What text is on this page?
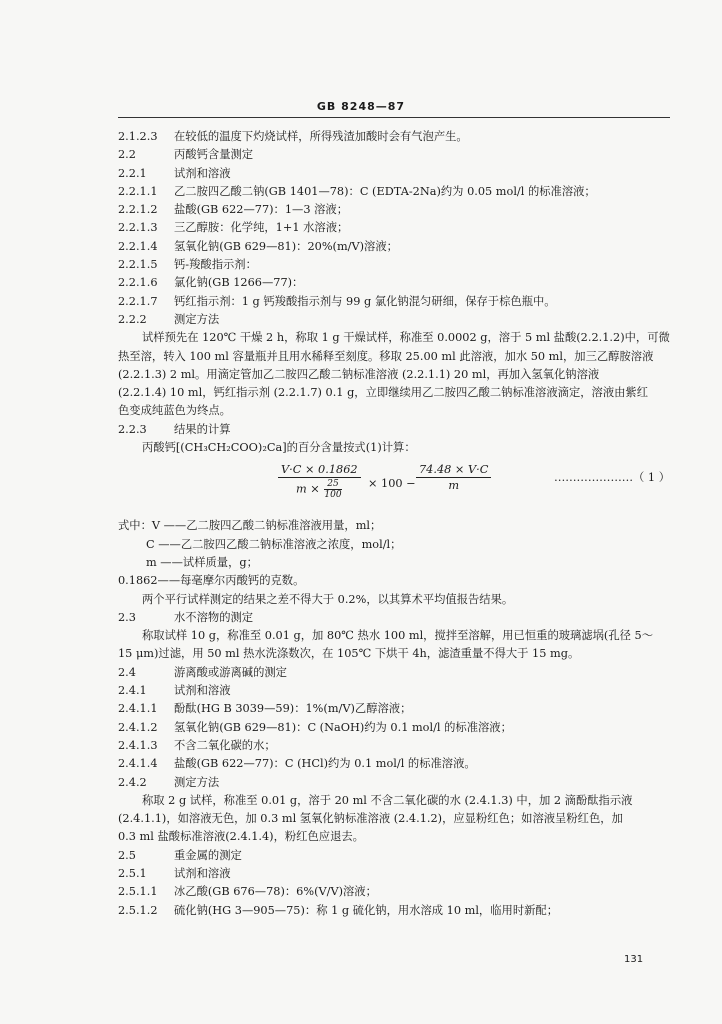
GB 8248—87
2.1.2.3 在较低的温度下灼烧试样，所得残渣加酸时会有气泡产生。
2.2	丙酸钙含量测定
2.2.1 试剂和溶液
2.2.1.1 乙二胺四乙酸二钠(GB 1401—78)：C (EDTA-2Na)约为 0.05 mol/l 的标准溶液；
2.2.1.2 盐酸(GB 622—77)：1—3 溶液；
2.2.1.3 三乙醇胺：化学纯，1+1 水溶液；
2.2.1.4 氢氧化钠(GB 629—81)：20%(m/V)溶液；
2.2.1.5 钙-羧酸指示剂：
2.2.1.6 氯化钠(GB 1266—77)：
2.2.1.7 钙红指示剂：1 g 钙羧酸指示剂与 99 g 氯化钠混匀研细，保存于棕色瓶中。
2.2.2 测定方法
试样预先在 120℃ 干燥 2 h，称取 1 g 干燥试样，称准至 0.0002 g，溶于 5 ml 盐酸(2.2.1.2)中，可微
热至溶，转入 100 ml 容量瓶并且用水稀释至刻度。移取 25.00 ml 此溶液，加水 50 ml，加三乙醇胺溶液
(2.2.1.3) 2 ml。用滴定管加乙二胺四乙酸二钠标准溶液 (2.2.1.1) 20 ml，再加入氢氧化钠溶液
(2.2.1.4) 10 ml，钙红指示剂 (2.2.1.7) 0.1 g，立即继续用乙二胺四乙酸二钠标准溶液滴定，溶液由紫红
色变成纯蓝色为终点。
2.2.3 结果的计算
丙酸钙[(CH₃CH₂COO)₂Ca]的百分含量按式(1)计算：
$\frac{V\cdot C \times 0.1862}{m \times \frac{25}{100}} \times 100 - \frac{74.48 \times V\cdot C}{m}$	…………………（ 1 ）
式中：V ——乙二胺四乙酸二钠标准溶液用量，ml；
C ——乙二胺四乙酸二钠标准溶液之浓度，mol/l；
m ——试样质量，g；
0.1862——每毫摩尔丙酸钙的克数。
两个平行试样测定的结果之差不得大于 0.2%，以其算术平均值报告结果。
2.3	水不溶物的测定
称取试样 10 g，称准至 0.01 g，加 80℃ 热水 100 ml，搅拌至溶解，用已恒重的玻璃滤埚(孔径 5～
15 μm)过滤，用 50 ml 热水洗涤数次，在 105℃ 下烘干 4h，滤渣重量不得大于 15 mg。
2.4	游离酸或游离碱的测定
2.4.1 试剂和溶液
2.4.1.1 酚酞(HG B 3039—59)：1%(m/V)乙醇溶液；
2.4.1.2 氢氧化钠(GB 629—81)：C (NaOH)约为 0.1 mol/l 的标准溶液；
2.4.1.3 不含二氧化碳的水；
2.4.1.4 盐酸(GB 622—77)：C (HCl)约为 0.1 mol/l 的标准溶液。
2.4.2 测定方法
称取 2 g 试样，称准至 0.01 g，溶于 20 ml 不含二氧化碳的水 (2.4.1.3) 中，加 2 滴酚酞指示液
(2.4.1.1)，如溶液无色，加 0.3 ml 氢氧化钠标准溶液 (2.4.1.2)，应显粉红色；如溶液呈粉红色，加
0.3 ml 盐酸标准溶液(2.4.1.4)，粉红色应退去。
2.5	重金属的测定
2.5.1 试剂和溶液
2.5.1.1 冰乙酸(GB 676—78)：6%(V/V)溶液；
2.5.1.2 硫化钠(HG 3—905—75)：称 1 g 硫化钠，用水溶成 10 ml，临用时新配；
131
